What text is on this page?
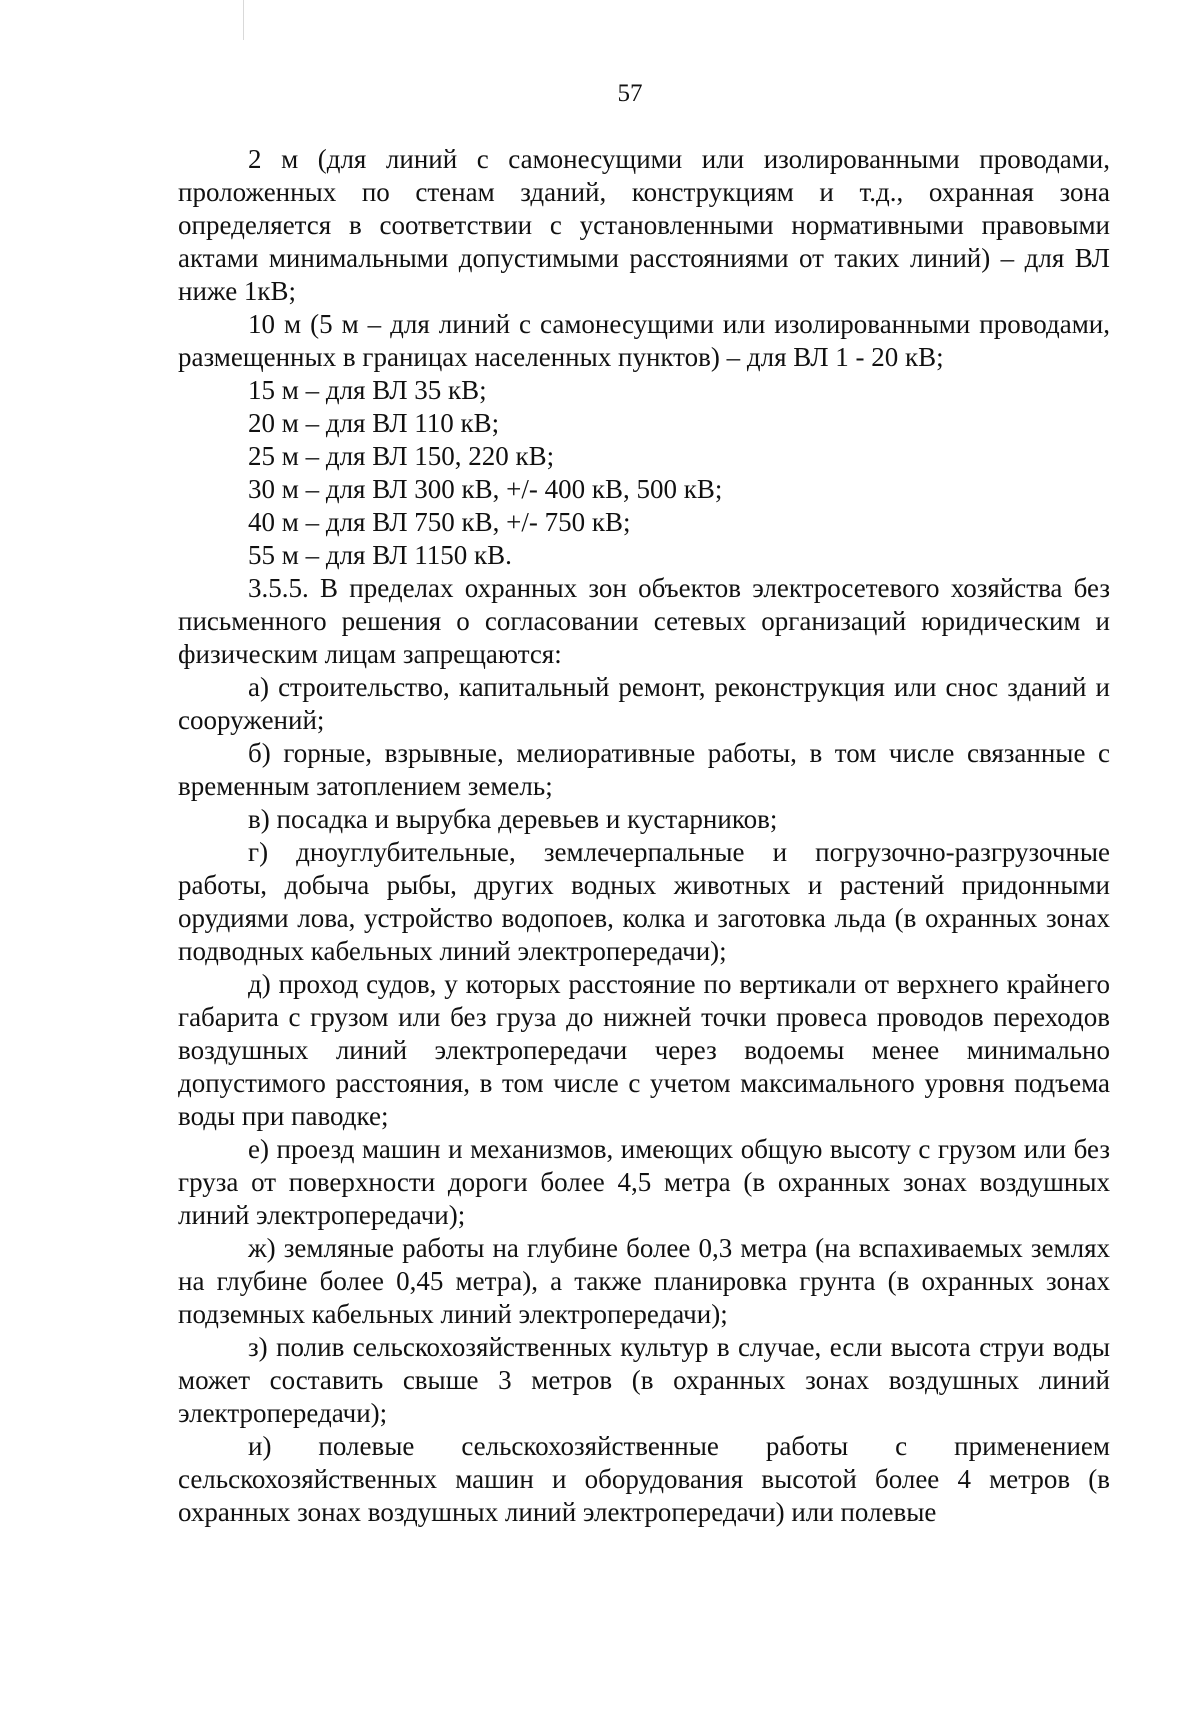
57

2 м (для линий с самонесущими или изолированными проводами, проложенных по стенам зданий, конструкциям и т.д., охранная зона определяется в соответствии с установленными нормативными правовыми актами минимальными допустимыми расстояниями от таких линий) – для ВЛ ниже 1кВ;

10 м (5 м – для линий с самонесущими или изолированными проводами, размещенных в границах населенных пунктов) – для ВЛ 1 - 20 кВ;

15 м – для ВЛ 35 кВ;

20 м – для ВЛ 110 кВ;

25 м – для ВЛ 150, 220 кВ;

30 м – для ВЛ 300 кВ, +/- 400 кВ, 500 кВ;

40 м – для ВЛ 750 кВ, +/- 750 кВ;

55 м – для ВЛ 1150 кВ.

3.5.5. В пределах охранных зон объектов электросетевого хозяйства без письменного решения о согласовании сетевых организаций юридическим и физическим лицам запрещаются:

а) строительство, капитальный ремонт, реконструкция или снос зданий и сооружений;

б) горные, взрывные, мелиоративные работы, в том числе связанные с временным затоплением земель;

в) посадка и вырубка деревьев и кустарников;

г) дноуглубительные, землечерпальные и погрузочно-разгрузочные работы, добыча рыбы, других водных животных и растений придонными орудиями лова, устройство водопоев, колка и заготовка льда (в охранных зонах подводных кабельных линий электропередачи);

д) проход судов, у которых расстояние по вертикали от верхнего крайнего габарита с грузом или без груза до нижней точки провеса проводов переходов воздушных линий электропередачи через водоемы менее минимально допустимого расстояния, в том числе с учетом максимального уровня подъема воды при паводке;

е) проезд машин и механизмов, имеющих общую высоту с грузом или без груза от поверхности дороги более 4,5 метра (в охранных зонах воздушных линий электропередачи);

ж) земляные работы на глубине более 0,3 метра (на вспахиваемых землях на глубине более 0,45 метра), а также планировка грунта (в охранных зонах подземных кабельных линий электропередачи);

з) полив сельскохозяйственных культур в случае, если высота струи воды может составить свыше 3 метров (в охранных зонах воздушных линий электропередачи);

и) полевые сельскохозяйственные работы с применением сельскохозяйственных машин и оборудования высотой более 4 метров (в охранных зонах воздушных линий электропередачи) или полевые
